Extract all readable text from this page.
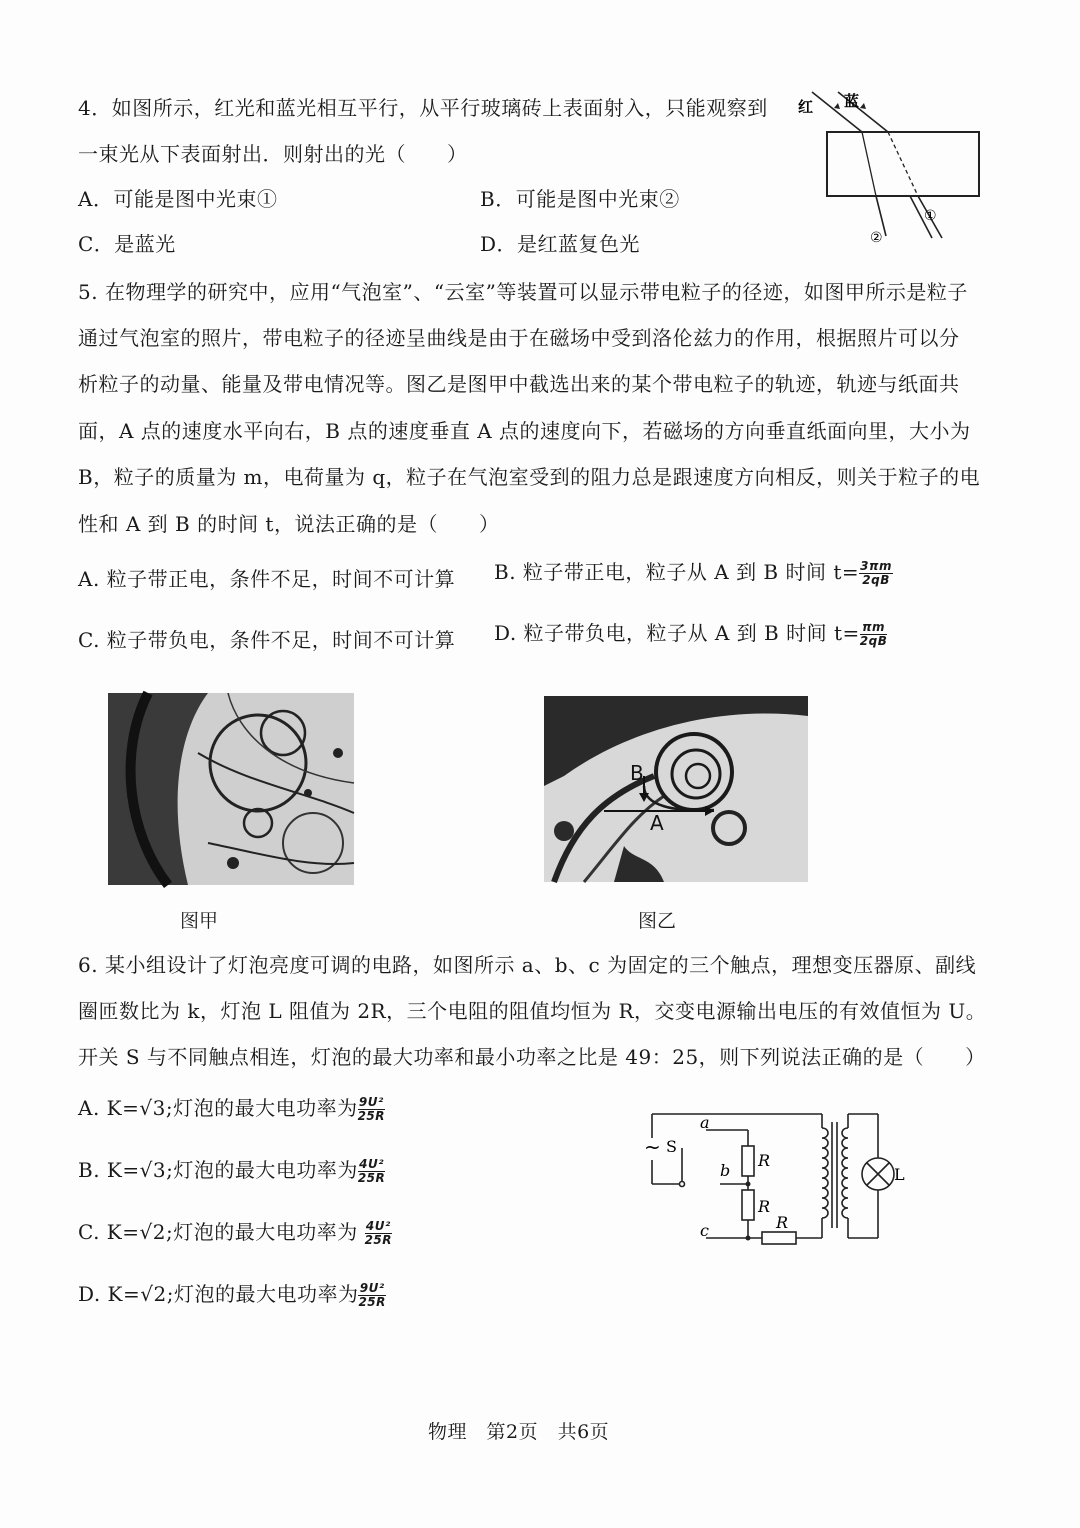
4．如图所示，红光和蓝光相互平行，从平行玻璃砖上表面射入，只能观察到
一束光从下表面射出．则射出的光（　　）
A．可能是图中光束①	B．可能是图中光束②
C．是蓝光	D．是红蓝复色光
红 蓝
①
②
5. 在物理学的研究中，应用“气泡室”、“云室”等装置可以显示带电粒子的径迹，如图甲所示是粒子
通过气泡室的照片，带电粒子的径迹呈曲线是由于在磁场中受到洛伦兹力的作用，根据照片可以分
析粒子的动量、能量及带电情况等。图乙是图甲中截选出来的某个带电粒子的轨迹，轨迹与纸面共
面，A 点的速度水平向右，B 点的速度垂直 A 点的速度向下，若磁场的方向垂直纸面向里，大小为
B，粒子的质量为 m，电荷量为 q，粒子在气泡室受到的阻力总是跟速度方向相反，则关于粒子的电
性和 A 到 B 的时间 t，说法正确的是（　　）
A. 粒子带正电，条件不足，时间不可计算 B. 粒子带正电，粒子从 A 到 B 时间 $t= \frac{3\pi m}{2qB}$
C. 粒子带负电，条件不足，时间不可计算 D. 粒子带负电，粒子从 A 到 B 时间 $t= \frac{\pi m}{2qB}$
图甲
B
A
图乙
6. 某小组设计了灯泡亮度可调的电路，如图所示 a、b、c 为固定的三个触点，理想变压器原、副线
圈匝数比为 k，灯泡 L 阻值为 2R，三个电阻的阻值均恒为 R，交变电源输出电压的有效值恒为 U。
开关 S 与不同触点相连，灯泡的最大功率和最小功率之比是 49：25，则下列说法正确的是（　　）
A. K=√3;灯泡的最大电功率为 $\frac{\text{9U²}}{25R}$
B. K=√3;灯泡的最大电功率为 $\frac{\text{4U²}}{25R}$
C. K=√2;灯泡的最大电功率为 $\frac{\text{4U²}}{25R}$
D. K=√2;灯泡的最大电功率为 $\frac{\text{9U²}}{25R}$
~ S
a
b
c
R
R
R
L
物理　第2页　共6页
